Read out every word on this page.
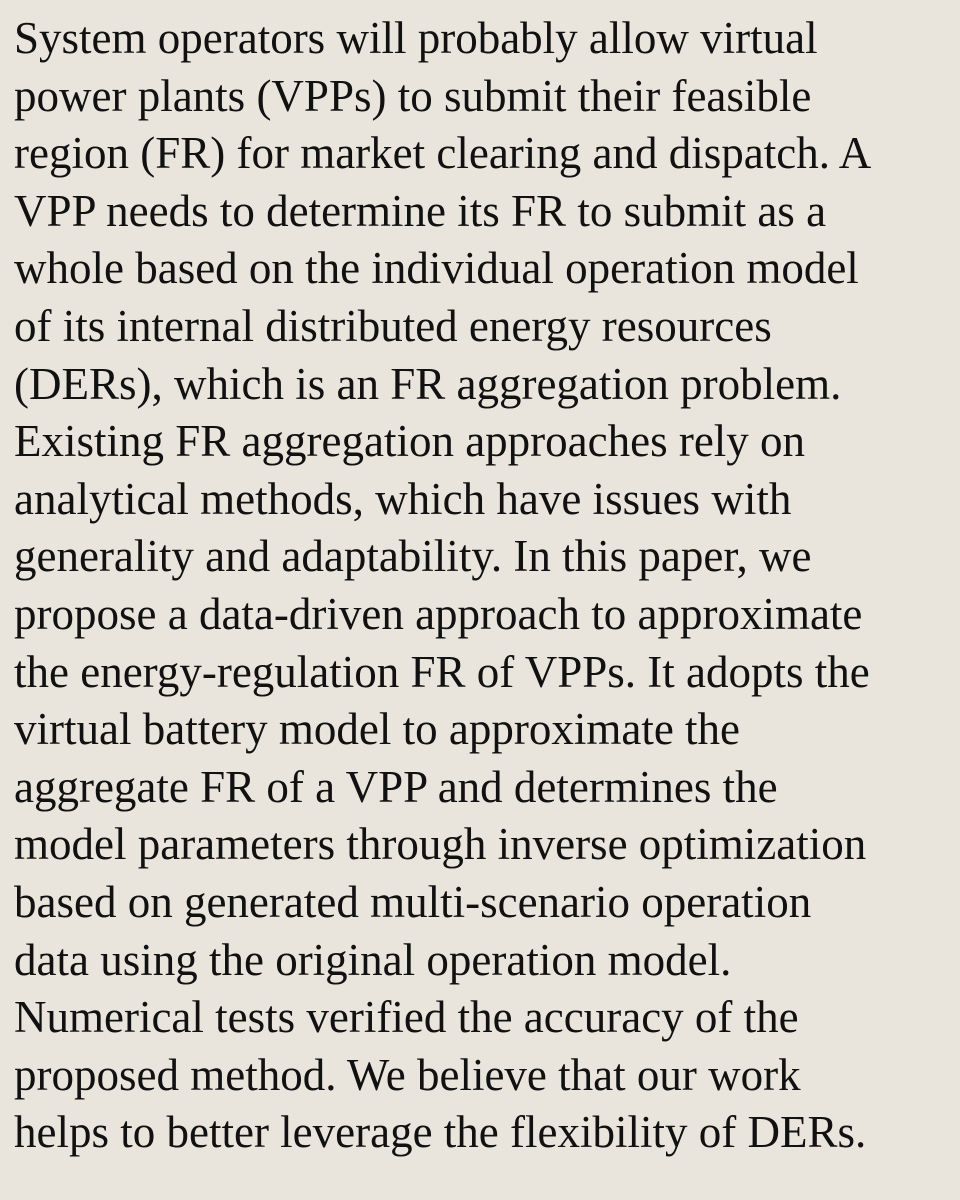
System operators will probably allow virtual
power plants (VPPs) to submit their feasible
region (FR) for market clearing and dispatch. A
VPP needs to determine its FR to submit as a
whole based on the individual operation model
of its internal distributed energy resources
(DERs), which is an FR aggregation problem.
Existing FR aggregation approaches rely on
analytical methods, which have issues with
generality and adaptability. In this paper, we
propose a data-driven approach to approximate
the energy-regulation FR of VPPs. It adopts the
virtual battery model to approximate the
aggregate FR of a VPP and determines the
model parameters through inverse optimization
based on generated multi-scenario operation
data using the original operation model.
Numerical tests verified the accuracy of the
proposed method. We believe that our work
helps to better leverage the flexibility of DERs.
